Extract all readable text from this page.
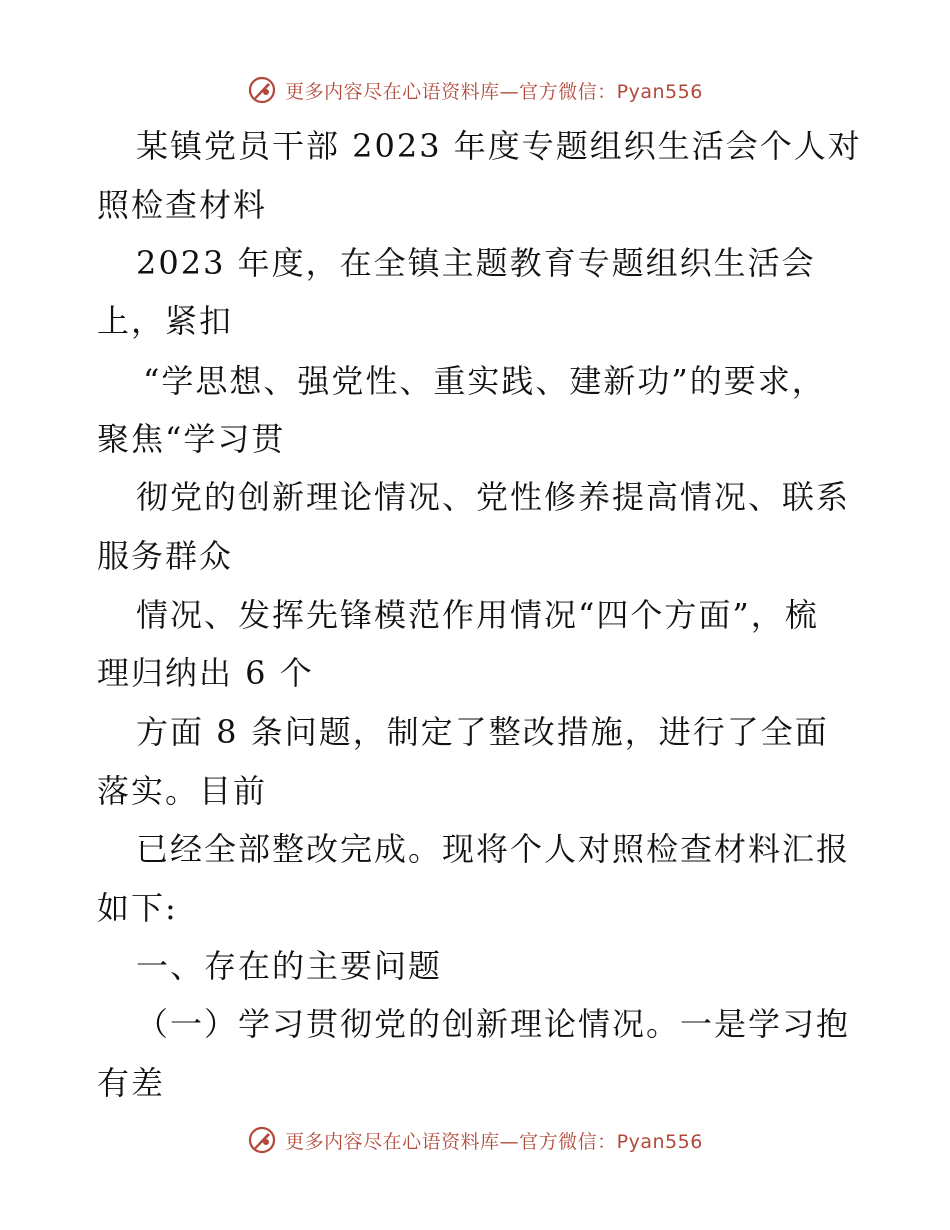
更多内容尽在心语资料库—官方微信：Pyan556
某镇党员干部 2023 年度专题组织生活会个人对
照检查材料
2023 年度，在全镇主题教育专题组织生活会
上，紧扣
“学思想、强党性、重实践、建新功”的要求，
聚焦“学习贯
彻党的创新理论情况、党性修养提高情况、联系
服务群众
情况、发挥先锋模范作用情况“四个方面”，梳
理归纳出 6 个
方面 8 条问题，制定了整改措施，进行了全面
落实。目前
已经全部整改完成。现将个人对照检查材料汇报
如下:
一、存在的主要问题
（一）学习贯彻党的创新理论情况。一是学习抱
有差
更多内容尽在心语资料库—官方微信：Pyan556
